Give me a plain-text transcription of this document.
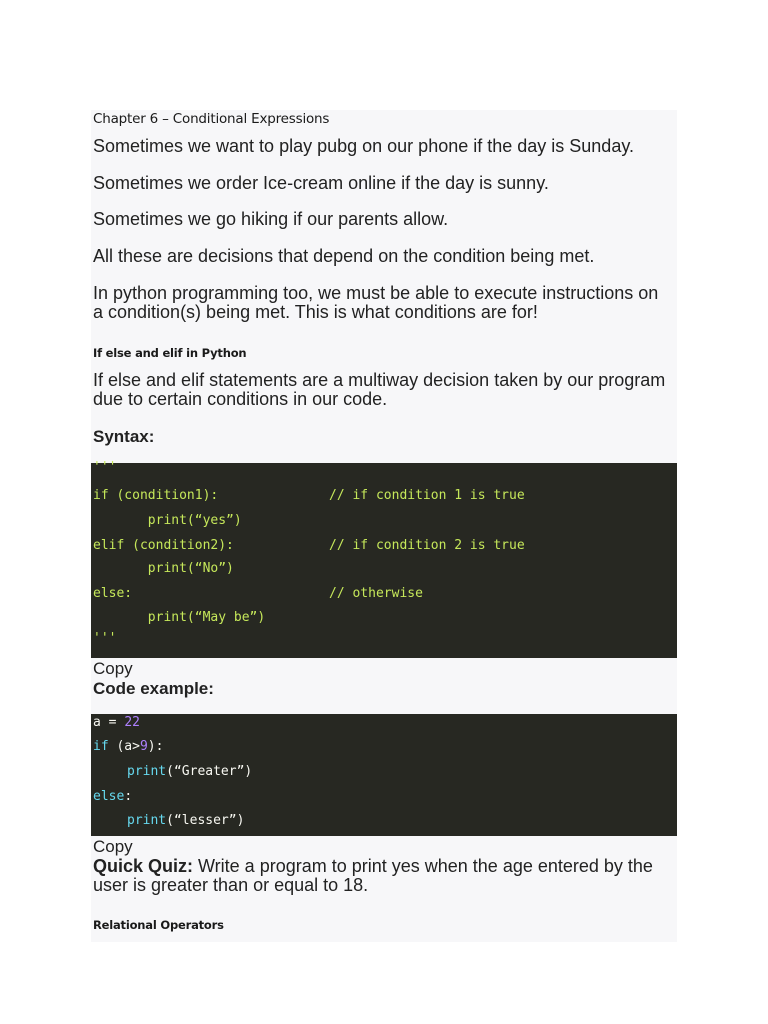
Chapter 6 – Conditional Expressions
Sometimes we want to play pubg on our phone if the day is Sunday.
Sometimes we order Ice-cream online if the day is sunny.
Sometimes we go hiking if our parents allow.
All these are decisions that depend on the condition being met.
In python programming too, we must be able to execute instructions on a condition(s) being met. This is what conditions are for!
If else and elif in Python
If else and elif statements are a multiway decision taken by our program due to certain conditions in our code.
Syntax:
'''
if (condition1):	// if condition 1 is true
print(“yes”)
elif (condition2):	// if condition 2 is true
print(“No”)
else:	// otherwise
print(“May be”)
'''
Copy
Code example:
a = 22
if (a>9):
print(“Greater”)
else:
print(“lesser”)
Copy
Quick Quiz: Write a program to print yes when the age entered by the user is greater than or equal to 18.
Relational Operators
